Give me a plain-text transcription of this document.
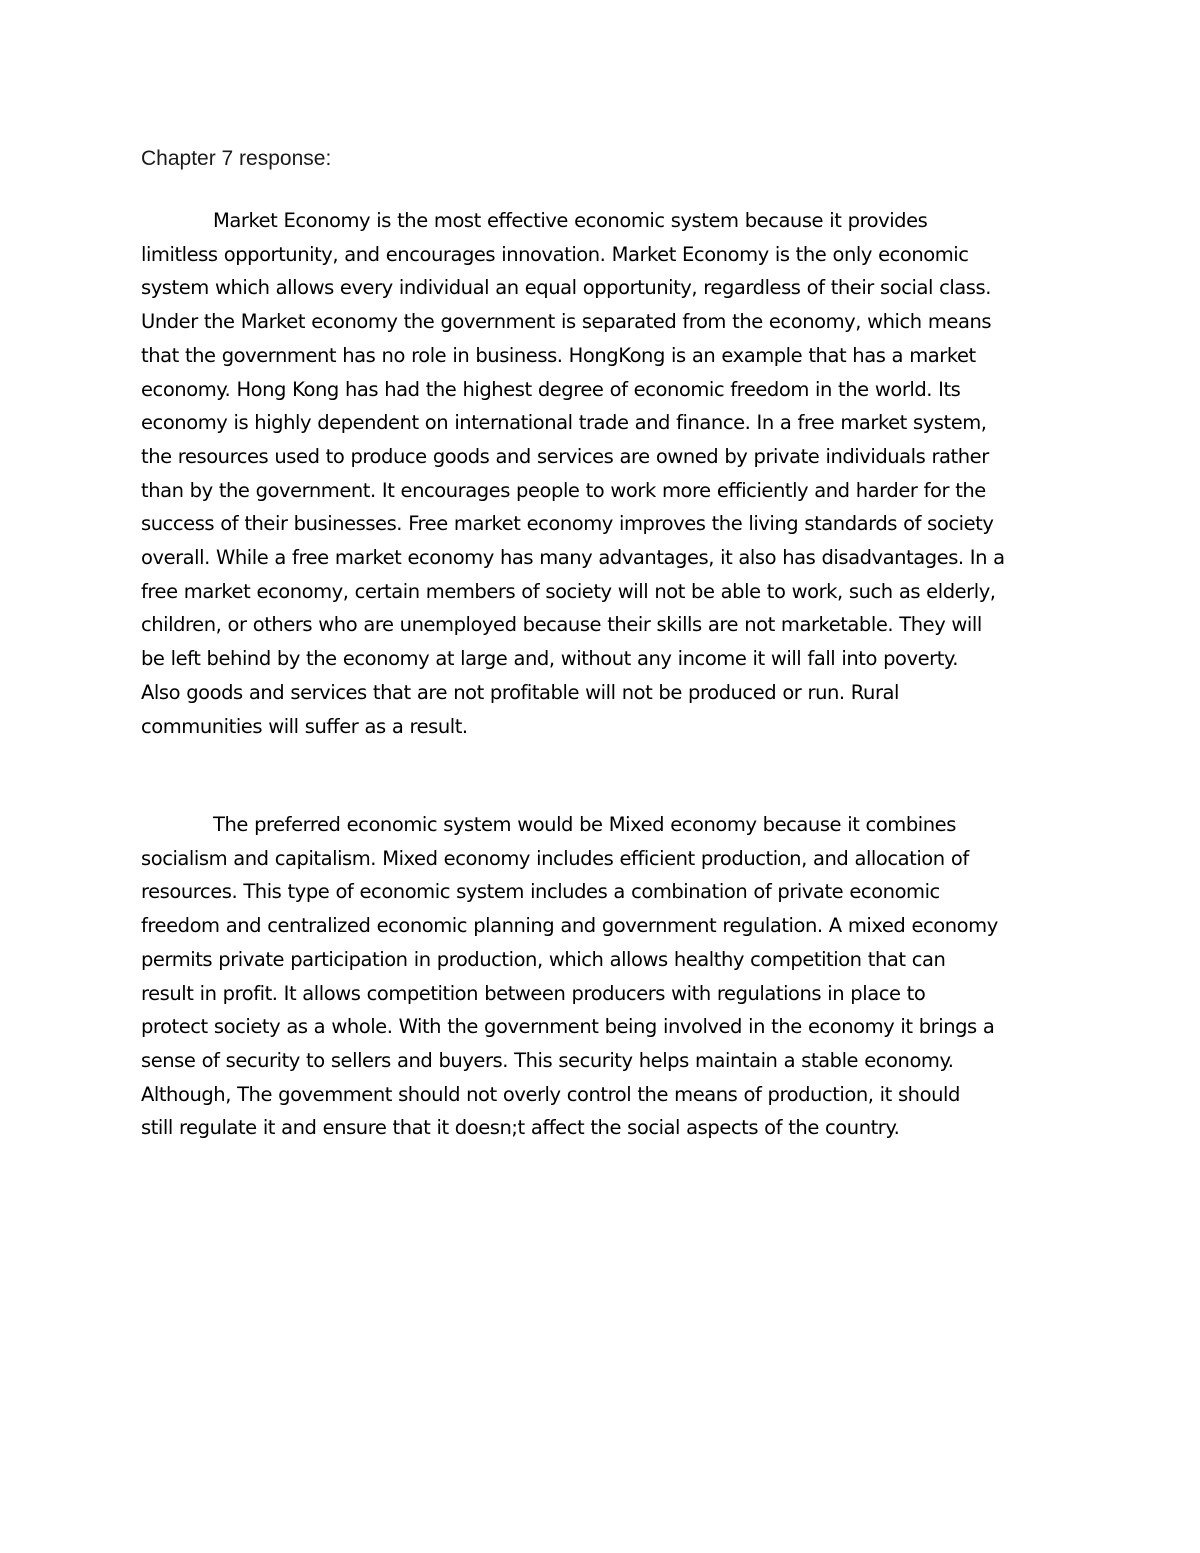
Chapter 7 response:

Market Economy is the most effective economic system because it provides
limitless opportunity, and encourages innovation. Market Economy is the only economic
system which allows every individual an equal opportunity, regardless of their social class.
Under the Market economy the government is separated from the economy, which means
that the government has no role in business. HongKong is an example that has a market
economy. Hong Kong has had the highest degree of economic freedom in the world. Its
economy is highly dependent on international trade and finance. In a free market system,
the resources used to produce goods and services are owned by private individuals rather
than by the government. It encourages people to work more efficiently and harder for the
success of their businesses. Free market economy improves the living standards of society
overall. While a free market economy has many advantages, it also has disadvantages. In a
free market economy, certain members of society will not be able to work, such as elderly,
children, or others who are unemployed because their skills are not marketable. They will
be left behind by the economy at large and, without any income it will fall into poverty.
Also goods and services that are not profitable will not be produced or run. Rural
communities will suffer as a result.

The preferred economic system would be Mixed economy because it combines
socialism and capitalism. Mixed economy includes efficient production, and allocation of
resources. This type of economic system includes a combination of private economic
freedom and centralized economic planning and government regulation. A mixed economy
permits private participation in production, which allows healthy competition that can
result in profit. It allows competition between producers with regulations in place to
protect society as a whole. With the government being involved in the economy it brings a
sense of security to sellers and buyers. This security helps maintain a stable economy.
Although, The govemment should not overly control the means of production, it should
still regulate it and ensure that it doesn;t affect the social aspects of the country.
